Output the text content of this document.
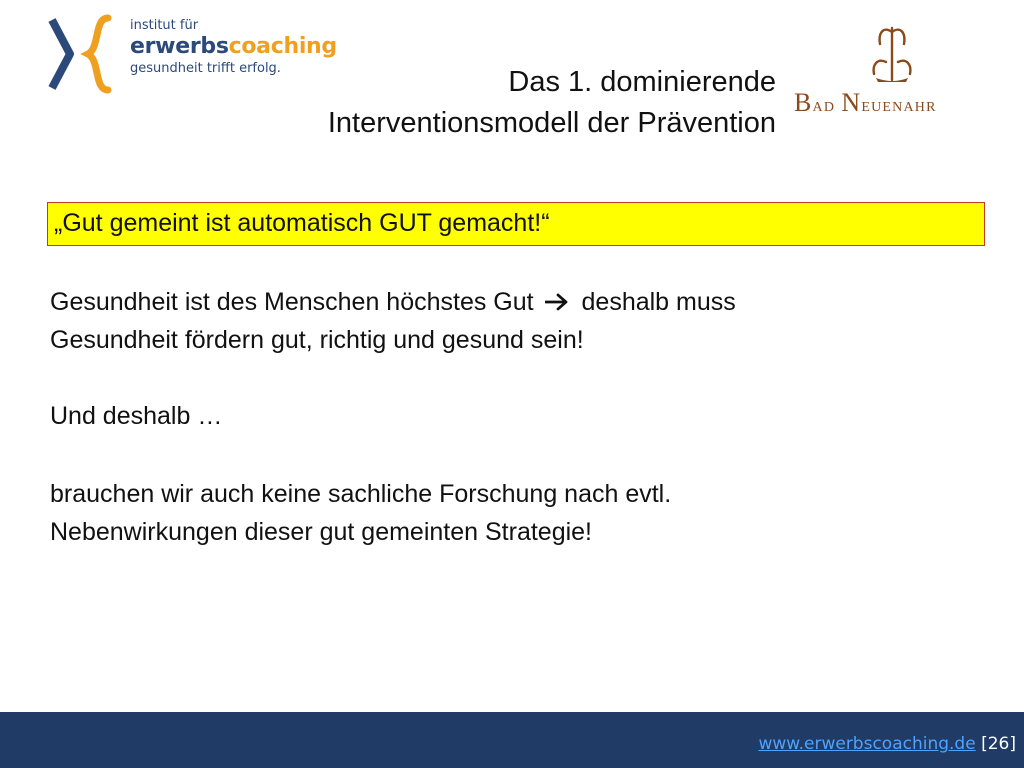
institut für
erwerbscoaching
gesundheit trifft erfolg.	Das 1. dominierende
Interventionsmodell der Prävention
Bad Neuenahr
„Gut gemeint ist automatisch GUT gemacht!“
Gesundheit ist des Menschen höchstes Gut deshalb muss
Gesundheit fördern gut, richtig und gesund sein!
Und deshalb …
brauchen wir auch keine sachliche Forschung nach evtl.
Nebenwirkungen dieser gut gemeinten Strategie!
www.erwerbscoaching.de [26]
